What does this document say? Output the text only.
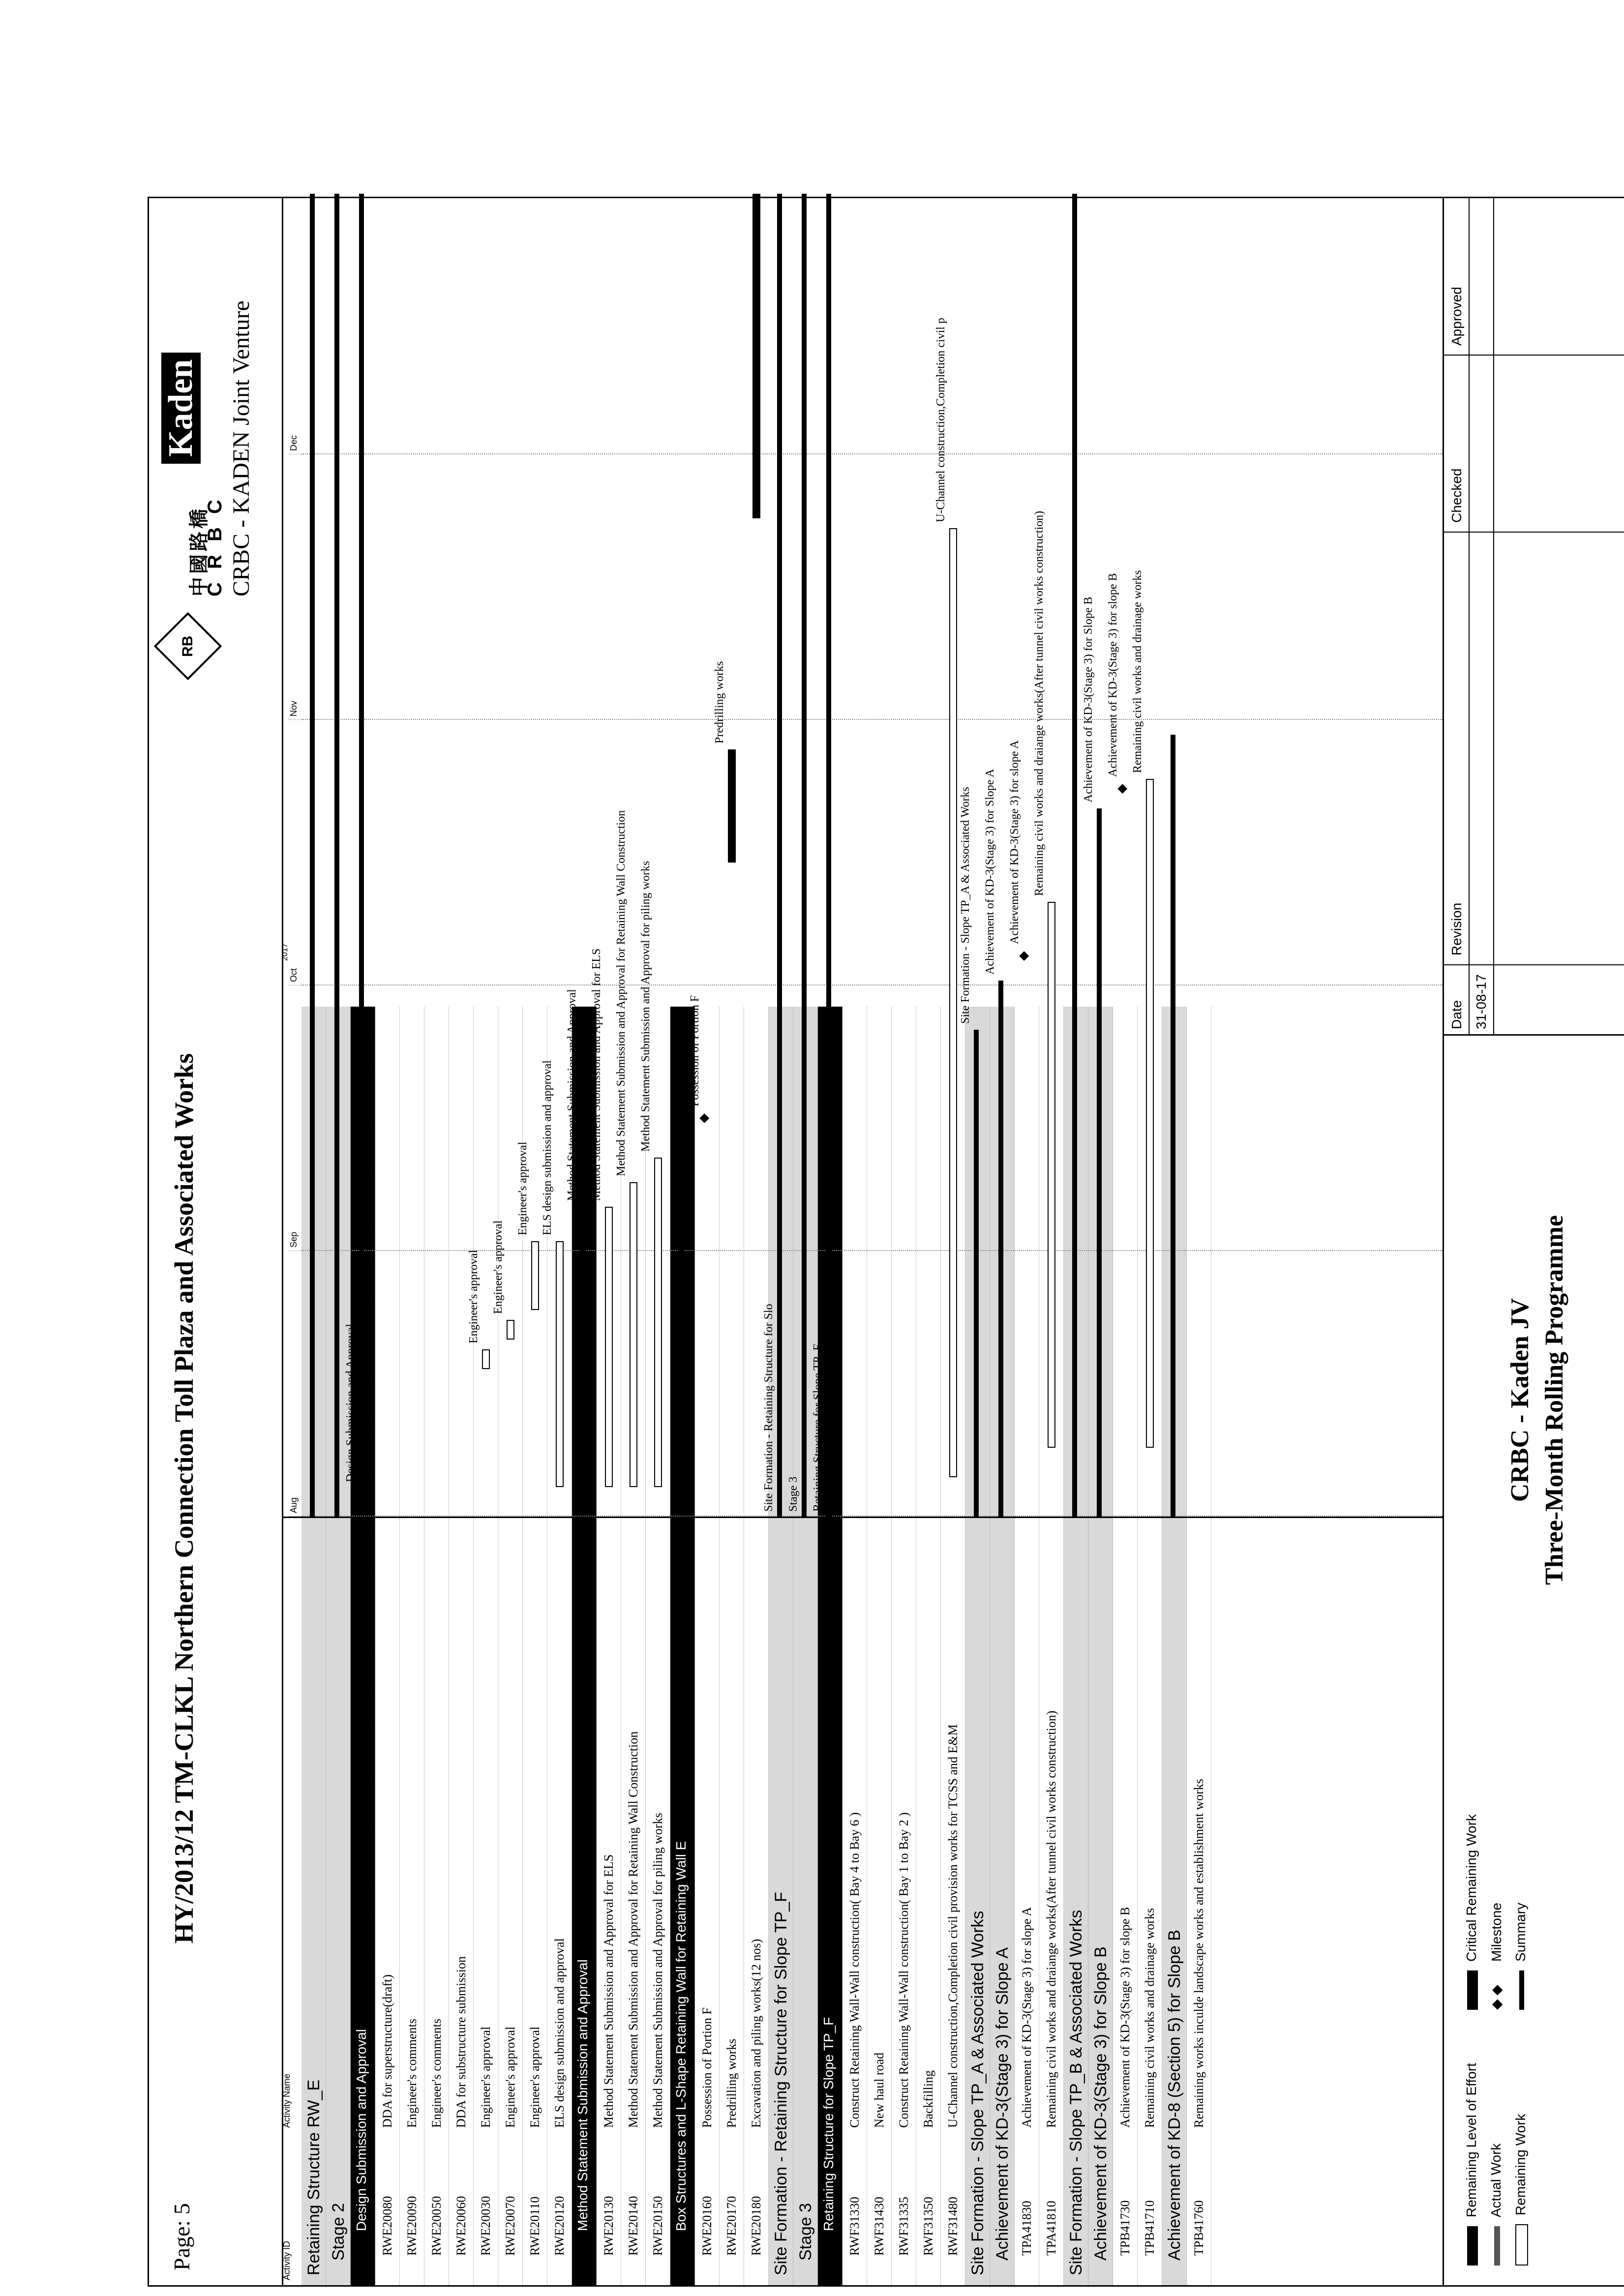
Page: 5
HY/2013/12 TM-CLKL Northern Connection Toll Plaza and Associated Works
RB
中國路橋
Kaden CRBC - KADEN Joint Venture
C R B C
Activity ID
Activity Name Retaining Structure RW_E Stage 2
Design Submission and Approval RWE20080
DDA for superstructure(draft)
RWE20090
Engineer's comments
RWE20050
Engineer's comments
RWE20060
DDA for substructure submission
RWE20030
Engineer's approval
RWE20070
Engineer's approval
RWE20110
Engineer's approval
RWE20120
ELS design submission and approval Method Statement Submission and Approval RWE20130
Method Statement Submission and Approval for ELS
RWE20140
Method Statement Submission and Approval for Retaining Wall Construction
RWE20150
Method Statement Submission and Approval for piling works Box Structures and L-Shape Retaining Wall for Retaining Wall E RWE20160
Possession of Portion F
RWE20170
Predrilling works
RWE20180
Excavation and piling works(12 nos) Site Formation - Retaining Structure for Slope TP_F Stage 3
Retaining Structure for Slope TP_F RWF31330
Construct Retaining Wall-Wall construction( Bay 4 to Bay 6 )
RWF31430
New haul road
RWF31335
Construct Retaining Wall-Wall construction( Bay 1 to Bay 2 )
RWF31350
Backfilling
RWF31480
U-Channel construction,Completion civil provision works for TCSS and E&M Site Formation - Slope TP_A & Associated Works Achievement of KD-3(Stage 3) for Slope A TPA41830
Achievement of KD-3(Stage 3) for slope A
TPA41810
Remaining civil works and draiange works(After tunnel civil works construction) Site Formation - Slope TP_B & Associated Works Achievement of KD-3(Stage 3) for Slope B TPB41730
Achievement of KD-3(Stage 3) for slope B
TPB41710
Remaining civil works and drainage works Achievement of KD-8 (Section 5) for Slope B TPB41760
Remaining works inculde landscape works and establishment works
2017
Aug
Sep
Oct
Nov
Dec
Design Submission and Approval
Engineer's approval Engineer's approval
Engineer's approval ELS design submission and approval Method Statement Submission and Approval Method Statement Submission and Approval for ELS Method Statement Submission and Approval for Retaining Wall Construction Method Statement Submission and Approval for piling works	◆
Possession of Portion F
Predrilling works
Site Formation - Retaining Structure for Slo Stage 3 Retaining Structure for Slope TP_F
U-Channel construction,Completion civil p
Site Formation - Slope TP_A & Associated Works Achievement of KD-3(Stage 3) for Slope A ◆
Achievement of KD-3(Stage 3) for slope A Remaining civil works and draiange works(After tunnel civil works construction)	Achievement of KD-3(Stage 3) for Slope B ◆
Achievement of KD-3(Stage 3) for slope B Remaining civil works and drainage works
Remaining Level of Effort Actual Work Remaining Work
Critical Remaining Work
◆ ◆Milestone Summary
CRBC - Kaden JV Three-Month Rolling Programme
Date
Revision
Checked
Approved
31-08-17
